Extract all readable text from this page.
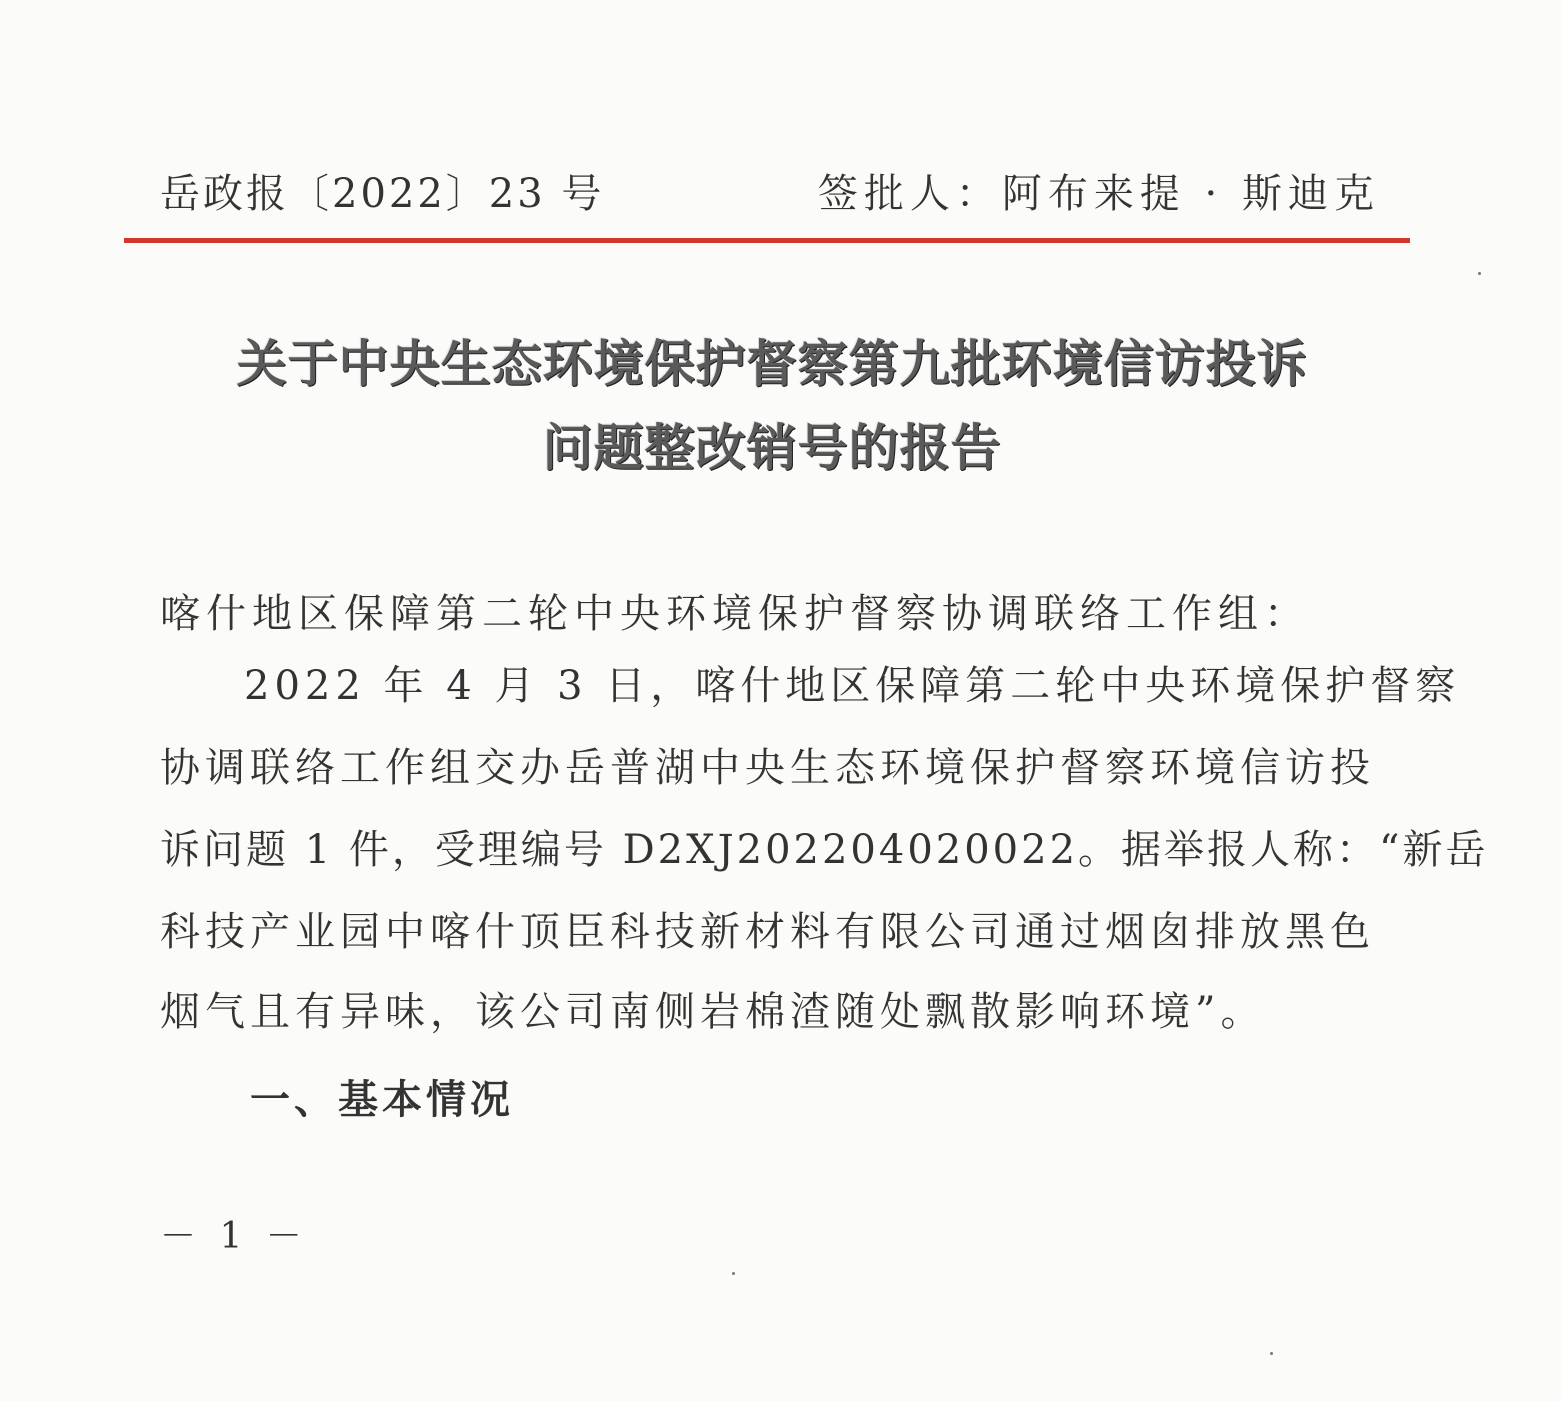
岳政报〔2022〕23 号	签批人：阿布来提 · 斯迪克
关于中央生态环境保护督察第九批环境信访投诉
问题整改销号的报告
喀什地区保障第二轮中央环境保护督察协调联络工作组：
2022 年 4 月 3 日，喀什地区保障第二轮中央环境保护督察
协调联络工作组交办岳普湖中央生态环境保护督察环境信访投
诉问题 1 件，受理编号 D2XJ202204020022。据举报人称：“新岳
科技产业园中喀什顶臣科技新材料有限公司通过烟囱排放黑色
烟气且有异味，该公司南侧岩棉渣随处飘散影响环境”。
一、基本情况
－ 1 －
